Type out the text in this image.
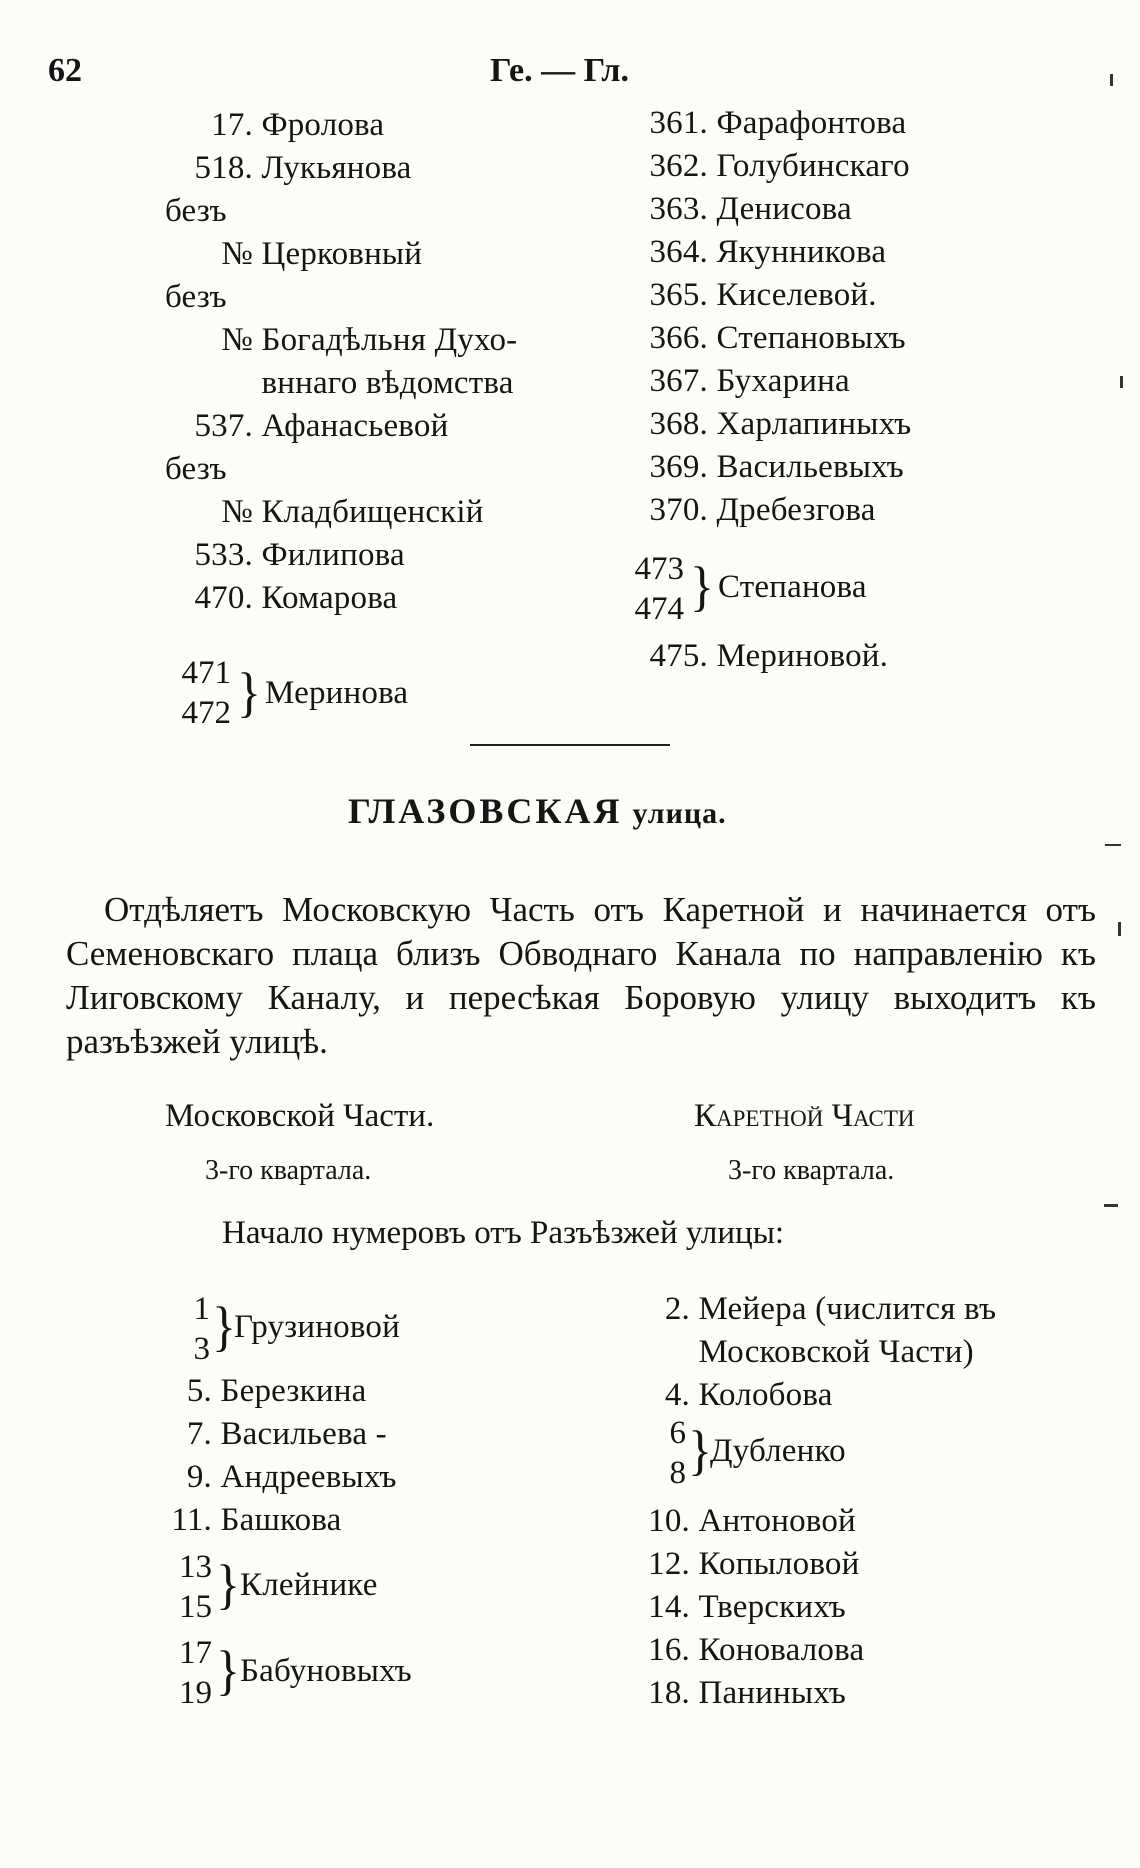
62	Ге. — Гл.
17. Фролова
518. Лукьянова
безъ
№ Церковный
безъ
№ Богадѣльня Духо-
вннаго вѣдомства
537. Афанасьевой
безъ
№ Кладбищенскій
533. Филипова
470. Комарова
471
472 } Меринова
361. Фарафонтова
362. Голубинскаго
363. Денисова
364. Якунникова
365. Киселевой.
366. Степановыхъ
367. Бухарина
368. Харлапиныхъ
369. Васильевыхъ
370. Дребезгова
473
474 } Степанова
475. Мериновой.
ГЛАЗОВСКАЯ улица.
Отдѣляетъ Московскую Часть отъ Каретной и начинается отъ Семеновскаго плаца близъ Обводнаго Канала по направленію къ Лиговскому Каналу, и пересѣкая Боровую улицу выходитъ къ разъѣзжей улицѣ.
Московской Части.
3-го квартала.
Каретной Части
3-го квартала.
Начало нумеровъ отъ Разъѣзжей улицы:
1
3 }
Грузиновой
5. Березкина
7. Васильева -
9. Андреевыхъ
11. Башкова
13
15 } Клейнике
17
19 } Бабуновыхъ
2. Мейера (числится въ
Московской Части)
4. Колобова
6
8 }
Дубленко
10. Антоновой
12. Копыловой
14. Тверскихъ
16. Коновалова
18. Паниныхъ
